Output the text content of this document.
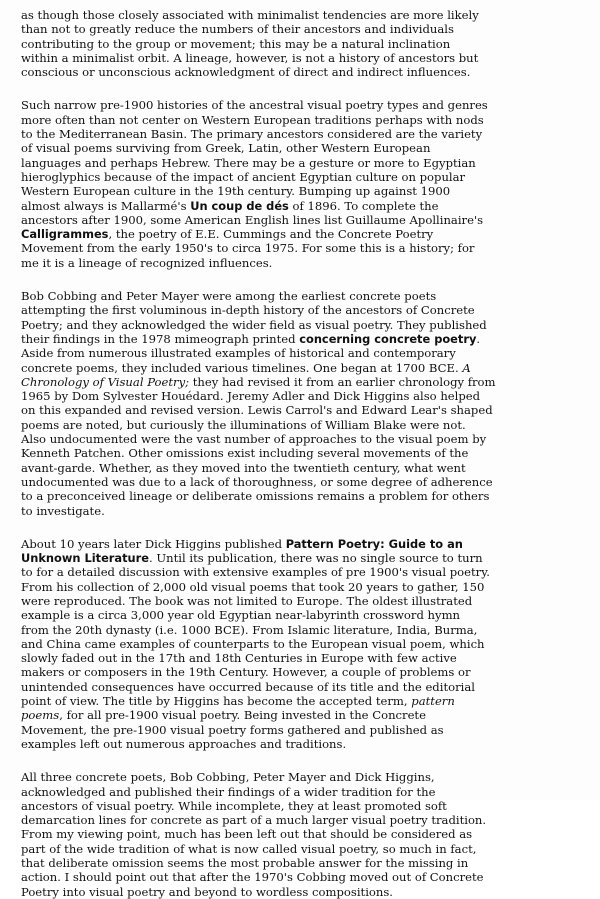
as though those closely associated with minimalist tendencies are more likely
than not to greatly reduce the numbers of their ancestors and individuals
contributing to the group or movement; this may be a natural inclination
within a minimalist orbit. A lineage, however, is not a history of ancestors but
conscious or unconscious acknowledgment of direct and indirect influences.

Such narrow pre-1900 histories of the ancestral visual poetry types and genres
more often than not center on Western European traditions perhaps with nods
to the Mediterranean Basin. The primary ancestors considered are the variety
of visual poems surviving from Greek, Latin, other Western European
languages and perhaps Hebrew. There may be a gesture or more to Egyptian
hieroglyphics because of the impact of ancient Egyptian culture on popular
Western European culture in the 19th century. Bumping up against 1900
almost always is Mallarmé's Un coup de dés of 1896. To complete the
ancestors after 1900, some American English lines list Guillaume Apollinaire's
Calligrammes, the poetry of E.E. Cummings and the Concrete Poetry
Movement from the early 1950's to circa 1975. For some this is a history; for
me it is a lineage of recognized influences.

Bob Cobbing and Peter Mayer were among the earliest concrete poets
attempting the first voluminous in-depth history of the ancestors of Concrete
Poetry; and they acknowledged the wider field as visual poetry. They published
their findings in the 1978 mimeograph printed concerning concrete poetry.
Aside from numerous illustrated examples of historical and contemporary
concrete poems, they included various timelines. One began at 1700 BCE. A
Chronology of Visual Poetry; they had revised it from an earlier chronology from
1965 by Dom Sylvester Houédard. Jeremy Adler and Dick Higgins also helped
on this expanded and revised version. Lewis Carrol's and Edward Lear's shaped
poems are noted, but curiously the illuminations of William Blake were not.
Also undocumented were the vast number of approaches to the visual poem by
Kenneth Patchen. Other omissions exist including several movements of the
avant-garde. Whether, as they moved into the twentieth century, what went
undocumented was due to a lack of thoroughness, or some degree of adherence
to a preconceived lineage or deliberate omissions remains a problem for others
to investigate.

About 10 years later Dick Higgins published Pattern Poetry: Guide to an
Unknown Literature. Until its publication, there was no single source to turn
to for a detailed discussion with extensive examples of pre 1900's visual poetry.
From his collection of 2,000 old visual poems that took 20 years to gather, 150
were reproduced. The book was not limited to Europe. The oldest illustrated
example is a circa 3,000 year old Egyptian near-labyrinth crossword hymn
from the 20th dynasty (i.e. 1000 BCE). From Islamic literature, India, Burma,
and China came examples of counterparts to the European visual poem, which
slowly faded out in the 17th and 18th Centuries in Europe with few active
makers or composers in the 19th Century. However, a couple of problems or
unintended consequences have occurred because of its title and the editorial
point of view. The title by Higgins has become the accepted term, pattern
poems, for all pre-1900 visual poetry. Being invested in the Concrete
Movement, the pre-1900 visual poetry forms gathered and published as
examples left out numerous approaches and traditions.

All three concrete poets, Bob Cobbing, Peter Mayer and Dick Higgins,
acknowledged and published their findings of a wider tradition for the
ancestors of visual poetry. While incomplete, they at least promoted soft
demarcation lines for concrete as part of a much larger visual poetry tradition.
From my viewing point, much has been left out that should be considered as
part of the wide tradition of what is now called visual poetry, so much in fact,
that deliberate omission seems the most probable answer for the missing in
action. I should point out that after the 1970's Cobbing moved out of Concrete
Poetry into visual poetry and beyond to wordless compositions.
